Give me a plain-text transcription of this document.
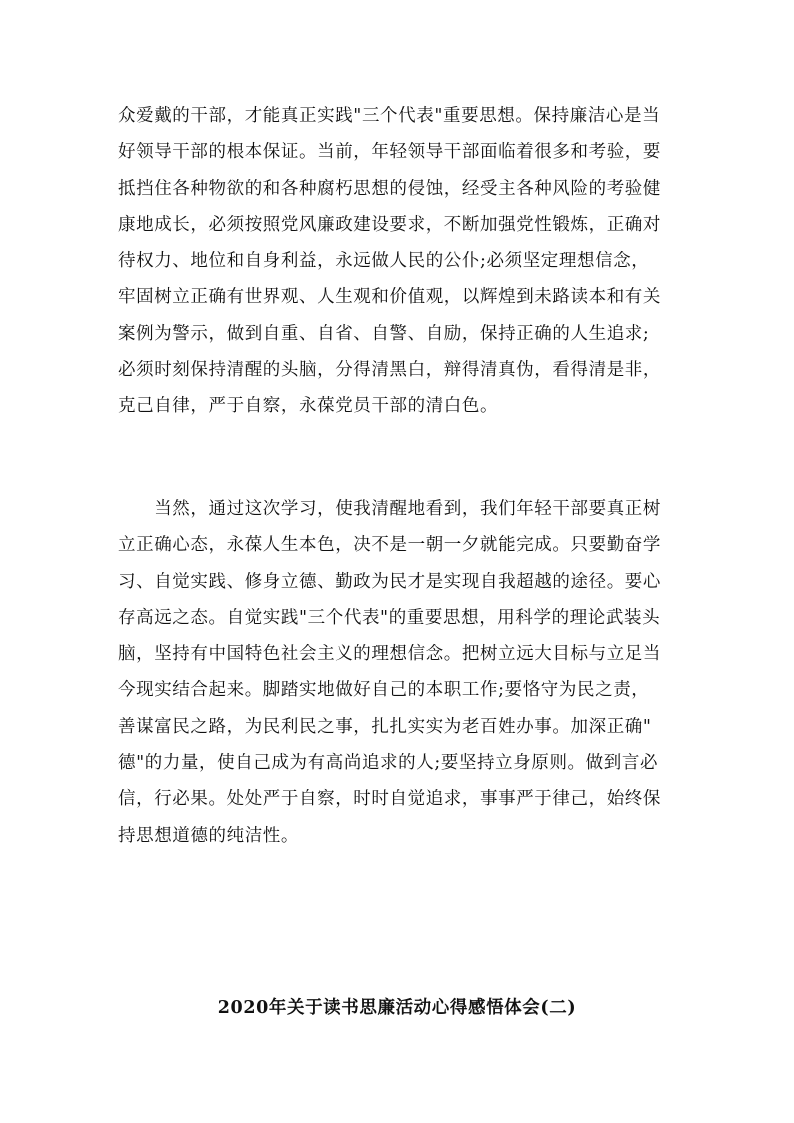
众爱戴的干部，才能真正实践"三个代表"重要思想。保持廉洁心是当
好领导干部的根本保证。当前，年轻领导干部面临着很多和考验，要
抵挡住各种物欲的和各种腐朽思想的侵蚀，经受主各种风险的考验健
康地成长，必须按照党风廉政建设要求，不断加强党性锻炼，正确对
待权力、地位和自身利益，永远做人民的公仆;必须坚定理想信念，
牢固树立正确有世界观、人生观和价值观，以辉煌到未路读本和有关
案例为警示，做到自重、自省、自警、自励，保持正确的人生追求;
必须时刻保持清醒的头脑，分得清黑白，辩得清真伪，看得清是非，
克己自律，严于自察，永葆党员干部的清白色。
　　当然，通过这次学习，使我清醒地看到，我们年轻干部要真正树
立正确心态，永葆人生本色，决不是一朝一夕就能完成。只要勤奋学
习、自觉实践、修身立德、勤政为民才是实现自我超越的途径。要心
存高远之态。自觉实践"三个代表"的重要思想，用科学的理论武装头
脑，坚持有中国特色社会主义的理想信念。把树立远大目标与立足当
今现实结合起来。脚踏实地做好自己的本职工作;要恪守为民之责，
善谋富民之路，为民利民之事，扎扎实实为老百姓办事。加深正确"
德"的力量，使自己成为有高尚追求的人;要坚持立身原则。做到言必
信，行必果。处处严于自察，时时自觉追求，事事严于律己，始终保
持思想道德的纯洁性。
2020年关于读书思廉活动心得感悟体会(二)
